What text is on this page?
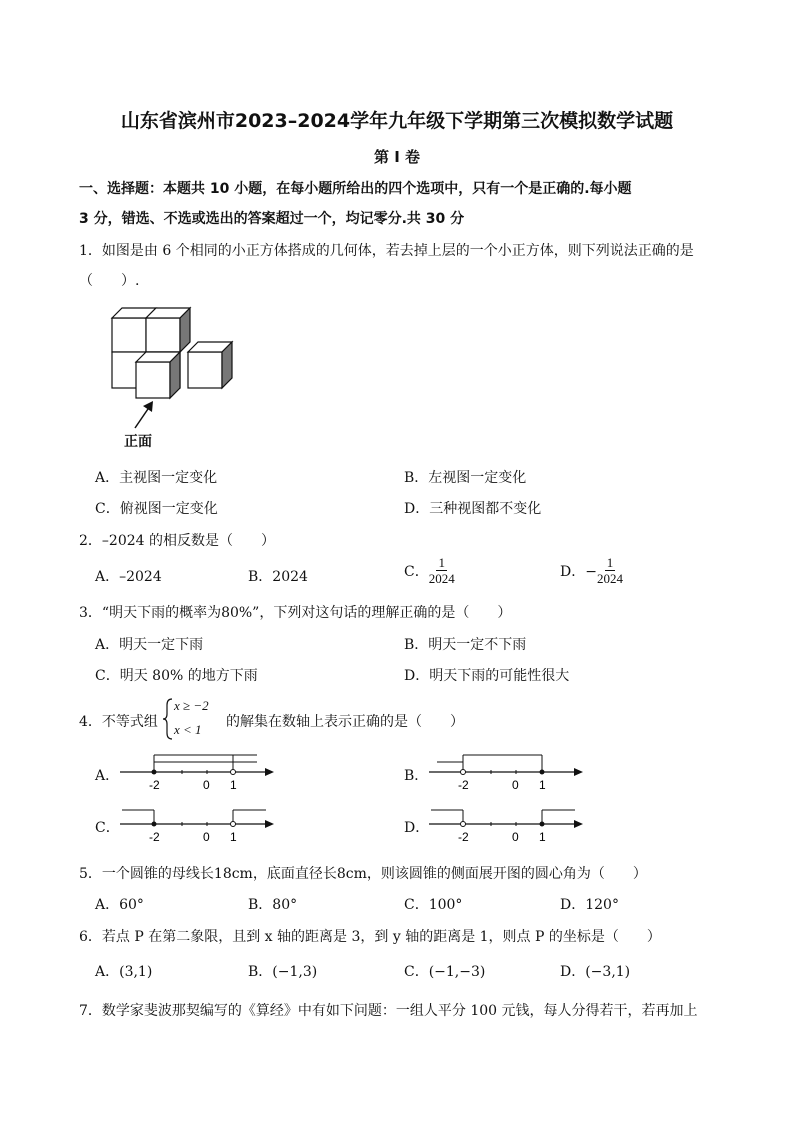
山东省滨州市2023–2024学年九年级下学期第三次模拟数学试题
第 I 卷
一、选择题：本题共 10 小题，在每小题所给出的四个选项中，只有一个是正确的.每小题
3 分，错选、不选或选出的答案超过一个，均记零分.共 30 分
1．如图是由 6 个相同的小正方体搭成的几何体，若去掉上层的一个小正方体，则下列说法正确的是
（　　）.
正面
A．主视图一定变化	B．左视图一定变化
C．俯视图一定变化	D．三种视图都不变化
2．–2024 的相反数是（　　）
A．–2024	B．2024	C． $\frac{1}{2024}$	D．− $\frac{1}{2024}$
3．“明天下雨的概率为80%”，下列对这句话的理解正确的是（　　）
A．明天一定下雨	B．明天一定不下雨
C．明天 80% 的地方下雨	D．明天下雨的可能性很大
4．不等式组
x ≥ −2
x < 1 的解集在数轴上表示正确的是（　　）
A．	B．
C．	D．
-2	0 1	-2	0 1
-2	0 1	-2	0 1
5．一个圆锥的母线长18cm，底面直径长8cm，则该圆锥的侧面展开图的圆心角为（　　）
A．60°	B．80°	C．100°	D．120°
6．若点 P 在第二象限，且到 x 轴的距离是 3，到 y 轴的距离是 1，则点 P 的坐标是（　　）
A．(3,1)	B．(−1,3)	C．(−1,−3)	D．(−3,1)
7．数学家斐波那契编写的《算经》中有如下问题：一组人平分 100 元钱，每人分得若干，若再加上
